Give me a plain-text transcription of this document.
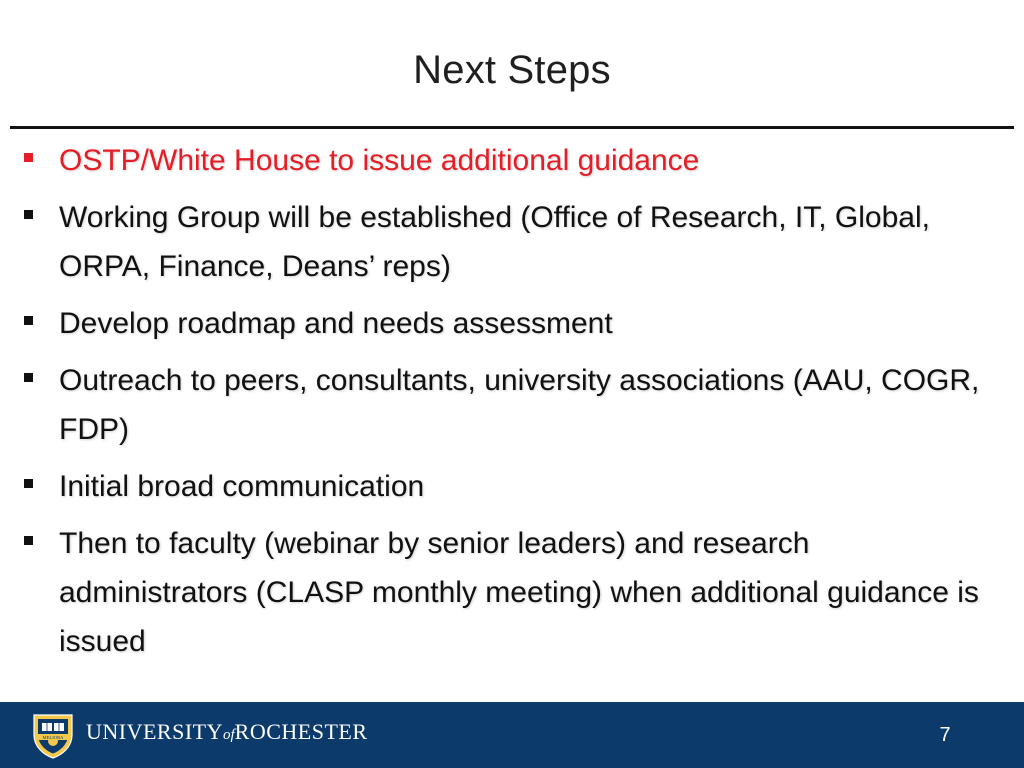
Next Steps
OSTP/White House to issue additional guidance
Working Group will be established (Office of Research, IT, Global, ORPA, Finance, Deans’ reps)
Develop roadmap and needs assessment
Outreach to peers, consultants, university associations (AAU, COGR, FDP)
Initial broad communication
Then to faculty (webinar by senior leaders) and research administrators (CLASP monthly meeting) when additional guidance is issued
MELIORA UNIVERSITYofROCHESTER	7
